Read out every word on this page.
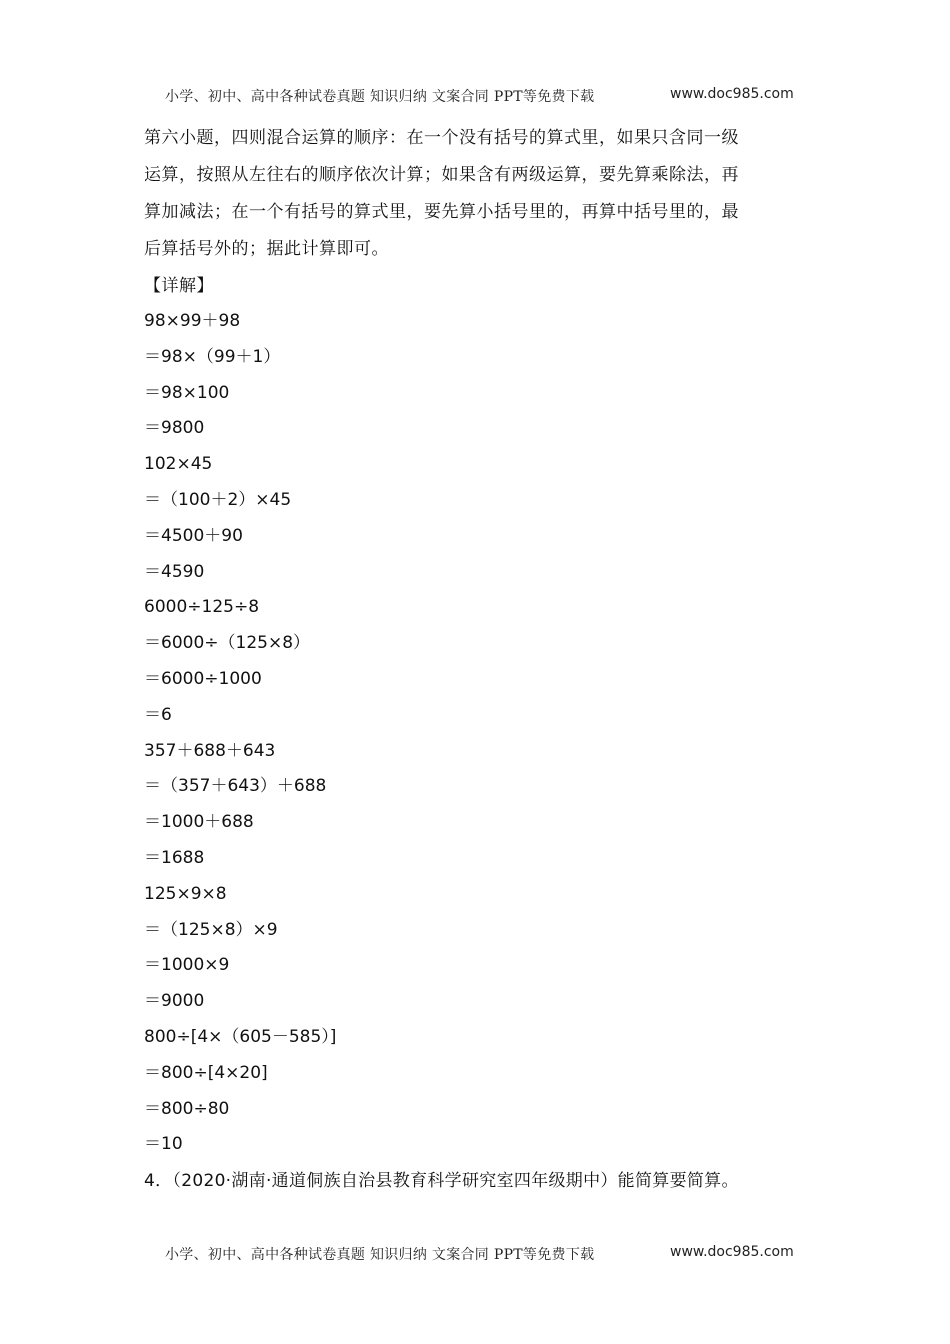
小学、初中、高中各种试卷真题 知识归纳 文案合同 PPT等免费下载	www.doc985.com

第六小题，四则混合运算的顺序：在一个没有括号的算式里，如果只含同一级

运算，按照从左往右的顺序依次计算；如果含有两级运算，要先算乘除法，再

算加减法；在一个有括号的算式里，要先算小括号里的，再算中括号里的，最

后算括号外的；据此计算即可。

【详解】
98×99＋98
＝98×（99＋1）
＝98×100
＝9800
102×45
＝（100＋2）×45
＝4500＋90
＝4590
6000÷125÷8
＝6000÷（125×8）
＝6000÷1000
＝6
357＋688＋643
＝（357＋643）＋688
＝1000＋688
＝1688
125×9×8
＝（125×8）×9
＝1000×9
＝9000
800÷[4×（605－585）]
＝800÷[4×20]
＝800÷80
＝10
4．（2020·湖南·通道侗族自治县教育科学研究室四年级期中）能简算要简算。
小学、初中、高中各种试卷真题 知识归纳 文案合同 PPT等免费下载	www.doc985.com
